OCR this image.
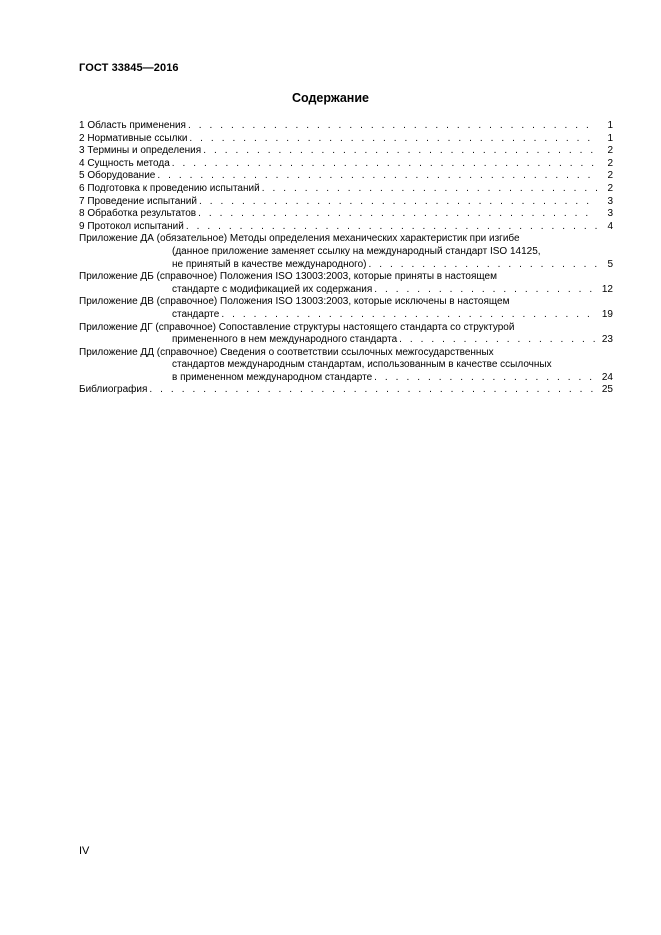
ГОСТ 33845—2016
Содержание
1 Область применения . . .	1
2 Нормативные ссылки . . .	1
3 Термины и определения . . .	2
4 Сущность метода . . .	2
5 Оборудование . . .	2
6 Подготовка к проведению испытаний . . .	2
7 Проведение испытаний . . .	3
8 Обработка результатов . . .	3
9 Протокол испытаний . . .	4
Приложение ДА (обязательное) Методы определения механических характеристик при изгибе
(данное приложение заменяет ссылку на международный стандарт ISO 14125,
не принятый в качестве международного) . . .	5
Приложение ДБ (справочное) Положения ISO 13003:2003, которые приняты в настоящем
стандарте с модификацией их содержания . . .	12
Приложение ДВ (справочное) Положения ISO 13003:2003, которые исключены в настоящем
стандарте . . .	19
Приложение ДГ (справочное) Сопоставление структуры настоящего стандарта со структурой
примененного в нем международного стандарта . . .	23
Приложение ДД (справочное) Сведения о соответствии ссылочных межгосударственных
стандартов международным стандартам, использованным в качестве ссылочных
в примененном международном стандарте . . .	24
Библиография . . .	25
IV
